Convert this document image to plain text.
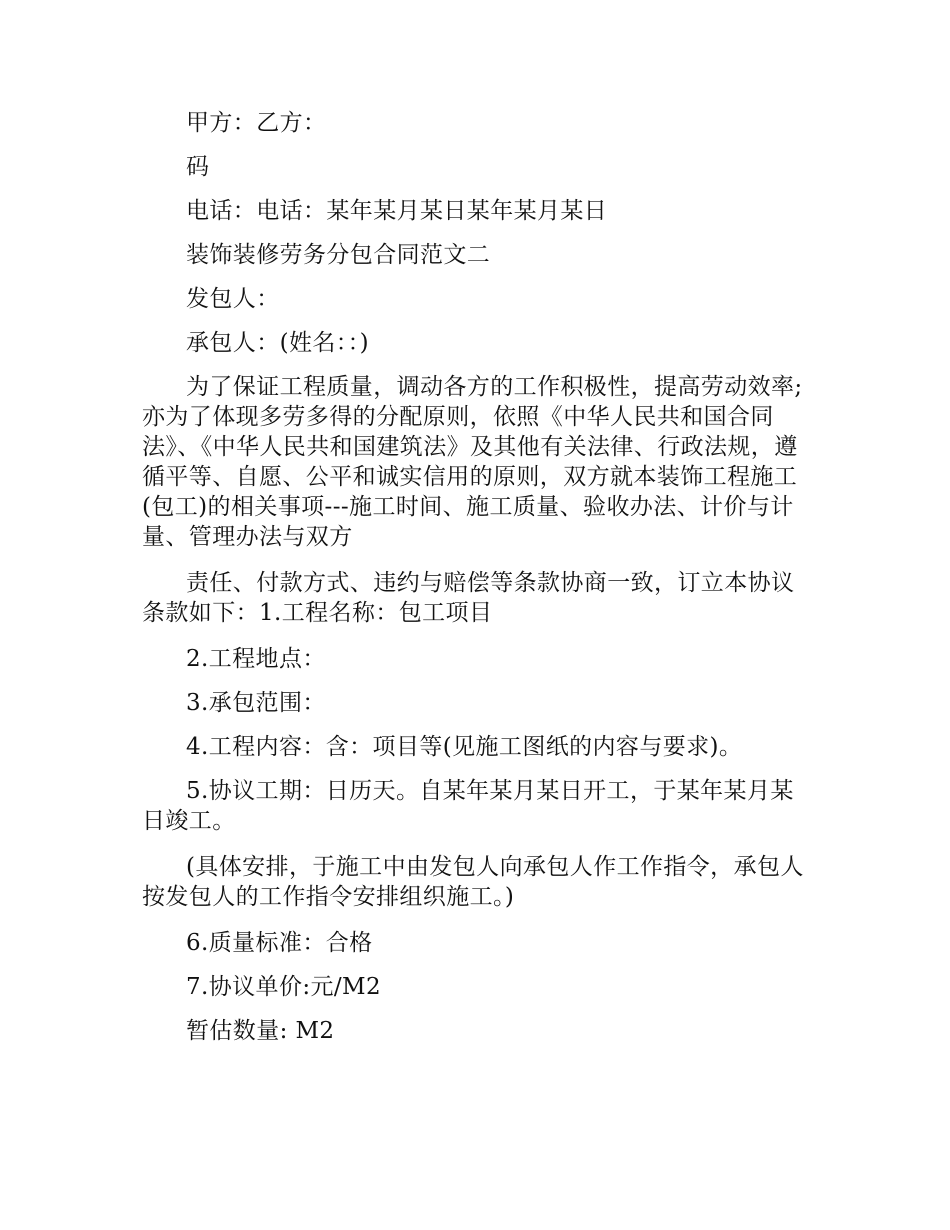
甲方：乙方：

码

电话：电话：某年某月某日某年某月某日

装饰装修劳务分包合同范文二

发包人：

承包人：(姓名：：)

为了保证工程质量，调动各方的工作积极性，提高劳动效率;亦为了体现多劳多得的分配原则，依照《中华人民共和国合同法》、《中华人民共和国建筑法》及其他有关法律、行政法规，遵循平等、自愿、公平和诚实信用的原则，双方就本装饰工程施工(包工)的相关事项---施工时间、施工质量、验收办法、计价与计量、管理办法与双方

责任、付款方式、违约与赔偿等条款协商一致，订立本协议条款如下：1.工程名称：包工项目

2.工程地点：

3.承包范围：

4.工程内容：含：项目等(见施工图纸的内容与要求)。

5.协议工期：日历天。自某年某月某日开工，于某年某月某日竣工。

(具体安排，于施工中由发包人向承包人作工作指令，承包人按发包人的工作指令安排组织施工。)

6.质量标准：合格

7.协议单价:元/M2

暂估数量: M2
